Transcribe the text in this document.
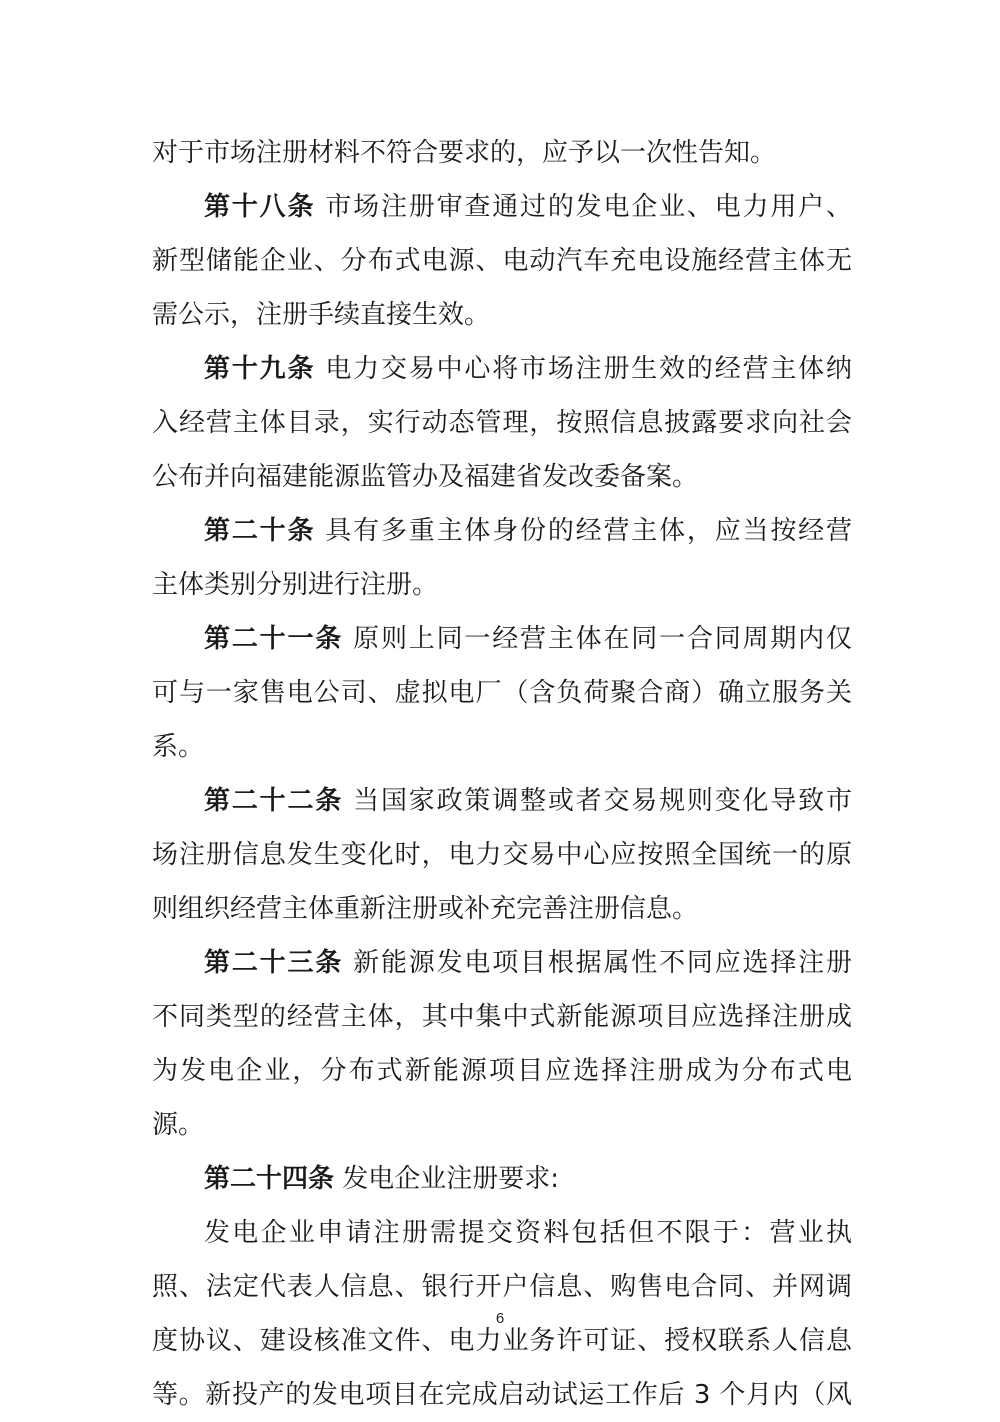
对于市场注册材料不符合要求的，应予以一次性告知。
第十八条 市场注册审查通过的发电企业、电力用户、
新型储能企业、分布式电源、电动汽车充电设施经营主体无
需公示，注册手续直接生效。
第十九条 电力交易中心将市场注册生效的经营主体纳
入经营主体目录，实行动态管理，按照信息披露要求向社会
公布并向福建能源监管办及福建省发改委备案。
第二十条 具有多重主体身份的经营主体，应当按经营
主体类别分别进行注册。
第二十一条 原则上同一经营主体在同一合同周期内仅
可与一家售电公司、虚拟电厂（含负荷聚合商）确立服务关
系。
第二十二条 当国家政策调整或者交易规则变化导致市
场注册信息发生变化时，电力交易中心应按照全国统一的原
则组织经营主体重新注册或补充完善注册信息。
第二十三条 新能源发电项目根据属性不同应选择注册
不同类型的经营主体，其中集中式新能源项目应选择注册成
为发电企业，分布式新能源项目应选择注册成为分布式电
源。
第二十四条 发电企业注册要求:
发电企业申请注册需提交资料包括但不限于：营业执
照、法定代表人信息、银行开户信息、购售电合同、并网调
度协议、建设核准文件、电力业务许可证、授权联系人信息
等。新投产的发电项目在完成启动试运工作后 3 个月内（风
6
